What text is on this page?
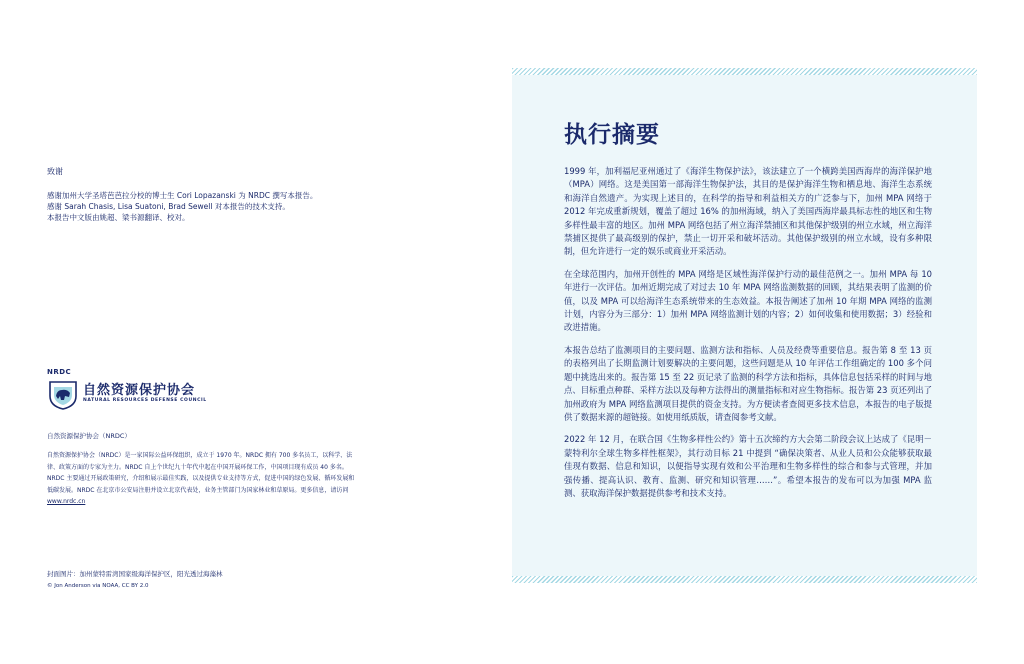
致谢

感谢加州大学圣塔芭芭拉分校的博士生 Cori Lopazanski 为 NRDC 撰写本报告。

感谢 Sarah Chasis, Lisa Suatoni, Brad Sewell 对本报告的技术支持。

本报告中文版由姚超、梁书源翻译、校对。

NRDC
自然资源保护协会
NATURAL RESOURCES DEFENSE COUNCIL
自然资源保护协会（NRDC）
自然资源保护协会（NRDC）是一家国际公益环保组织，成立于 1970 年。NRDC 拥有 700 多名员工，以科学、法律、政策方面的专家为主力。NRDC 自上个世纪九十年代中起在中国开展环保工作，中国项目现有成员 40 多名。NRDC 主要通过开展政策研究，介绍和展示最佳实践，以及提供专业支持等方式，促进中国的绿色发展、循环发展和低碳发展。NRDC 在北京市公安局注册并设立北京代表处，业务主管部门为国家林业和草原局。更多信息，请访问 www.nrdc.cn

封面图片：加州蒙特雷湾国家级海洋保护区，阳光透过海藻林

© Jon Anderson via NOAA, CC BY 2.0

执行摘要

1999 年，加利福尼亚州通过了《海洋生物保护法》，该法建立了一个横跨美国西海岸的海洋保护地（MPA）网络。这是美国第一部海洋生物保护法，其目的是保护海洋生物和栖息地、海洋生态系统和海洋自然遗产。为实现上述目的，在科学的指导和利益相关方的广泛参与下，加州 MPA 网络于 2012 年完成重新规划，覆盖了超过 16% 的加州海域，纳入了美国西海岸最具标志性的地区和生物多样性最丰富的地区。加州 MPA 网络包括了州立海洋禁捕区和其他保护级别的州立水域，州立海洋禁捕区提供了最高级别的保护，禁止一切开采和破坏活动。其他保护级别的州立水域，设有多种限制，但允许进行一定的娱乐或商业开采活动。

在全球范围内，加州开创性的 MPA 网络是区域性海洋保护行动的最佳范例之一。加州 MPA 每 10 年进行一次评估。加州近期完成了对过去 10 年 MPA 网络监测数据的回顾，其结果表明了监测的价值，以及 MPA 可以给海洋生态系统带来的生态效益。本报告阐述了加州 10 年期 MPA 网络的监测计划，内容分为三部分：1）加州 MPA 网络监测计划的内容；2）如何收集和使用数据；3）经验和改进措施。

本报告总结了监测项目的主要问题、监测方法和指标、人员及经费等重要信息。报告第 8 至 13 页的表格列出了长期监测计划要解决的主要问题，这些问题是从 10 年评估工作组确定的 100 多个问题中挑选出来的。报告第 15 至 22 页记录了监测的科学方法和指标，具体信息包括采样的时间与地点、目标重点种群、采样方法以及每种方法得出的测量指标和对应生物指标。报告第 23 页还列出了加州政府为 MPA 网络监测项目提供的资金支持。为方便读者查阅更多技术信息，本报告的电子版提供了数据来源的超链接。如使用纸质版，请查阅参考文献。

2022 年 12 月，在联合国《生物多样性公约》第十五次缔约方大会第二阶段会议上达成了《昆明－蒙特利尔全球生物多样性框架》，其行动目标 21 中提到 “确保决策者、从业人员和公众能够获取最佳现有数据、信息和知识，以便指导实现有效和公平治理和生物多样性的综合和参与式管理，并加强传播、提高认识、教育、监测、研究和知识管理……”。希望本报告的发布可以为加强 MPA 监测、获取海洋保护数据提供参考和技术支持。
